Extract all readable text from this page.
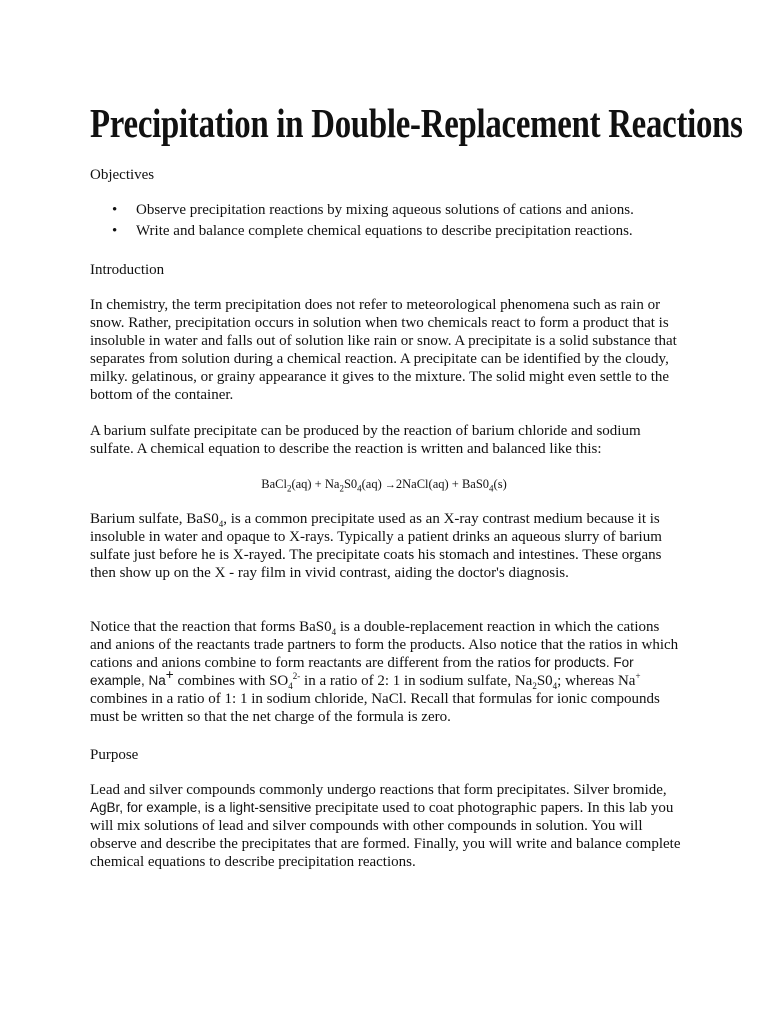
Precipitation in Double-Replacement Reactions
Objectives
• Observe precipitation reactions by mixing aqueous solutions of cations and anions.
• Write and balance complete chemical equations to describe precipitation reactions.
Introduction
In chemistry, the term precipitation does not refer to meteorological phenomena such as rain or snow. Rather, precipitation occurs in solution when two chemicals react to form a product that is insoluble in water and falls out of solution like rain or snow. A precipitate is a solid substance that separates from solution during a chemical reaction. A precipitate can be identified by the cloudy, milky. gelatinous, or grainy appearance it gives to the mixture. The solid might even settle to the bottom of the container.
A barium sulfate precipitate can be produced by the reaction of barium chloride and sodium sulfate. A chemical equation to describe the reaction is written and balanced like this:
BaCl$_2$(aq) + $Na_2S0_4(aq)$ →2NaCl(aq) + $BaS0_4(s)$
Barium sulfate, $BaS0_4$, is a common precipitate used as an X-ray contrast medium because it is insoluble in water and opaque to X-rays. Typically a patient drinks an aqueous slurry of barium sulfate just before he is X-rayed. The precipitate coats his stomach and intestines. These organs then show up on the X - ray film in vivid contrast, aiding the doctor's diagnosis.
Notice that the reaction that forms $BaS0_4$ is a double-replacement reaction in which the cations and anions of the reactants trade partners to form the products. Also notice that the ratios in which cations and anions combine to form reactants are different from the ratios for products. For example, Na+ combines with $SO_4^{2-}$ in a ratio of 2: 1 in sodium sulfate, $Na_2S0_4$; whereas Na+ combines in a ratio of 1: 1 in sodium chloride, NaCl. Recall that formulas for ionic compounds must be written so that the net charge of the formula is zero.
Purpose
Lead and silver compounds commonly undergo reactions that form precipitates. Silver bromide, AgBr, for example, is a light-sensitive precipitate used to coat photographic papers. In this lab you will mix solutions of lead and silver compounds with other compounds in solution. You will observe and describe the precipitates that are formed. Finally, you will write and balance complete chemical equations to describe precipitation reactions.
